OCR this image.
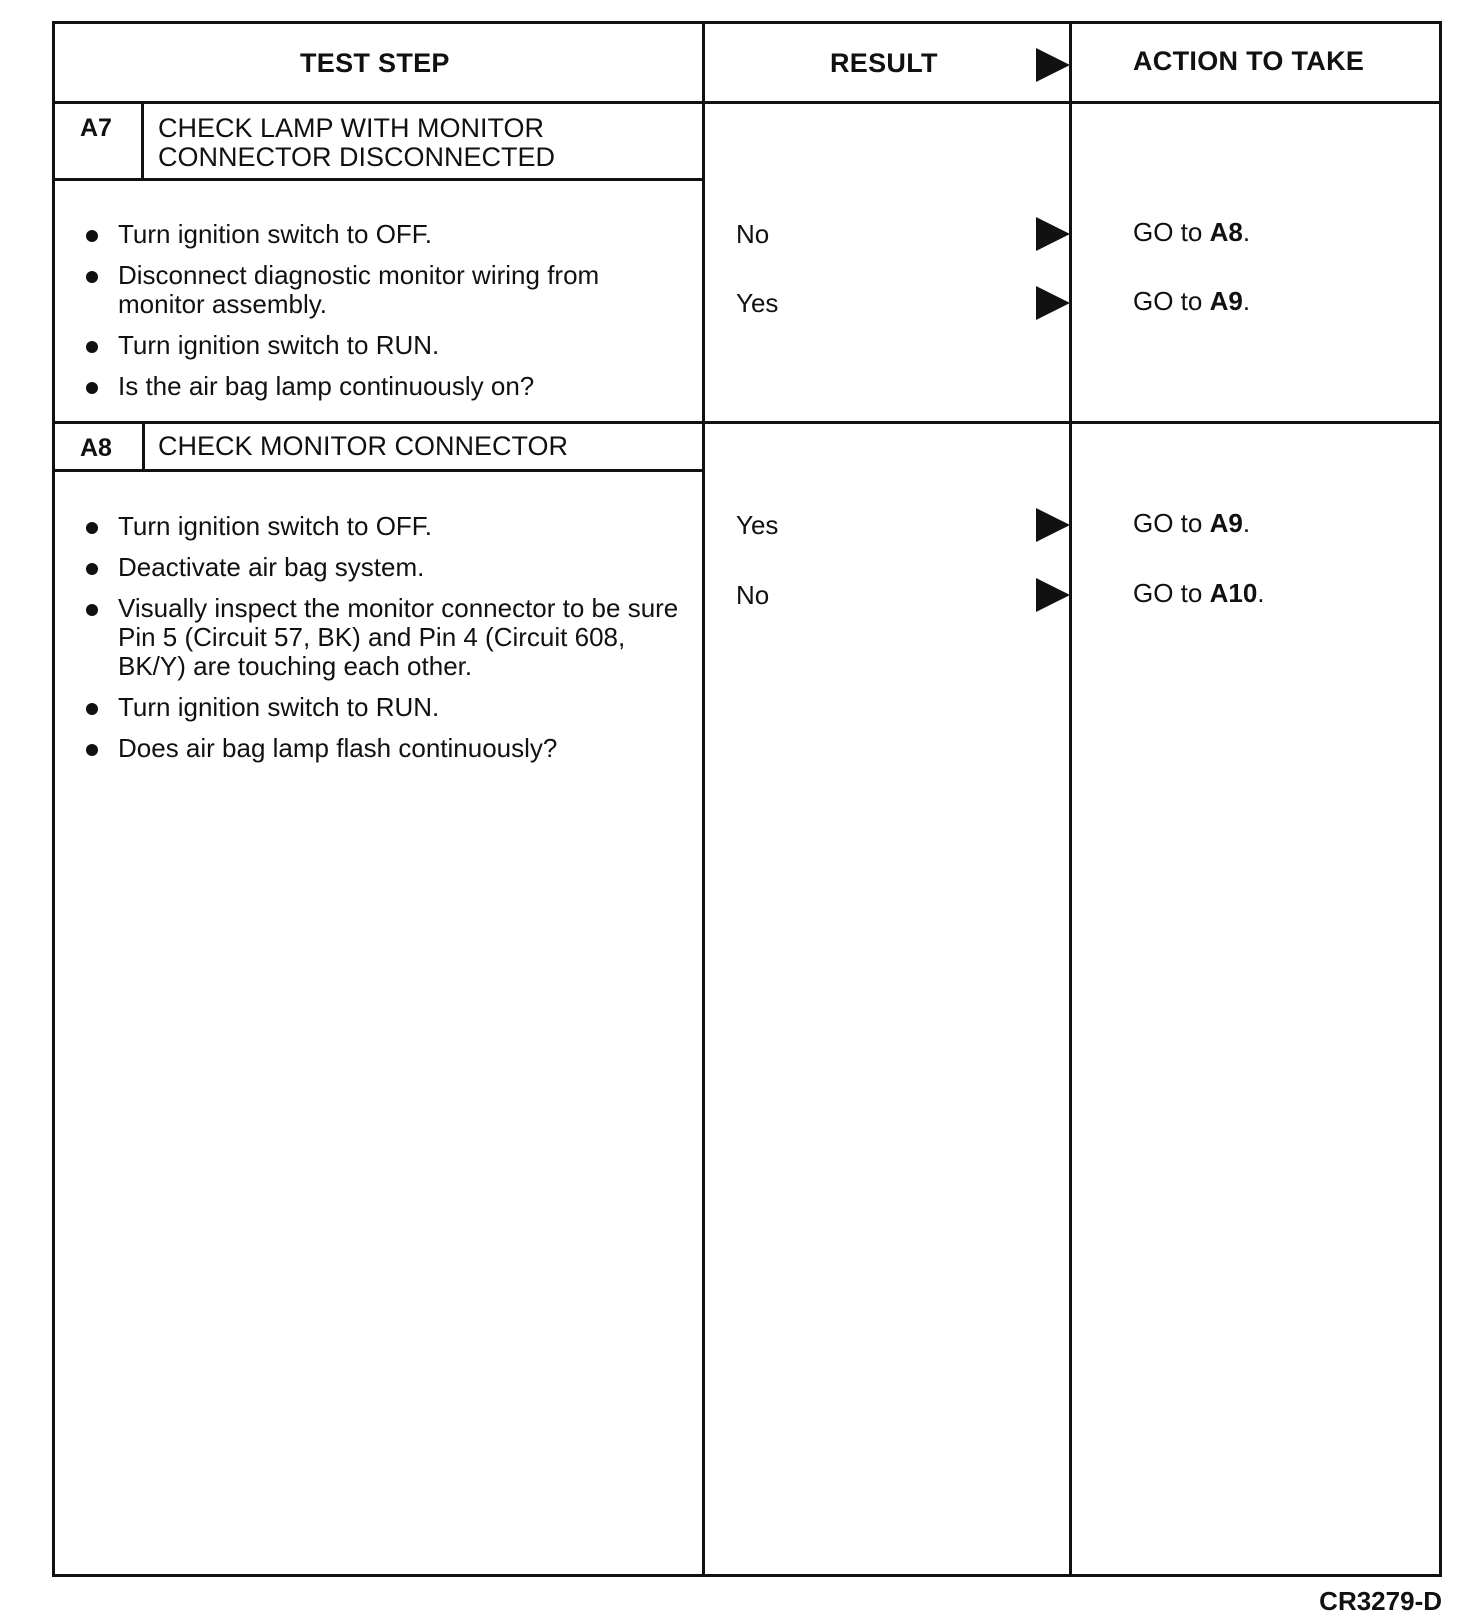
TEST STEP	RESULT	ACTION TO TAKE
A7 CHECK LAMP WITH MONITOR
CONNECTOR DISCONNECTED
Turn ignition switch to OFF.
Disconnect diagnostic monitor wiring from monitor assembly.
Turn ignition switch to RUN.
Is the air bag lamp continuously on?
No	GO to A8.
Yes	GO to A9.
A8 CHECK MONITOR CONNECTOR
Turn ignition switch to OFF.
Deactivate air bag system.
Visually inspect the monitor connector to be sure Pin 5 (Circuit 57, BK) and Pin 4 (Circuit 608, BK/Y) are touching each other.
Turn ignition switch to RUN.
Does air bag lamp flash continuously?
Yes	GO to A9.
No	GO to A10.
CR3279-D
